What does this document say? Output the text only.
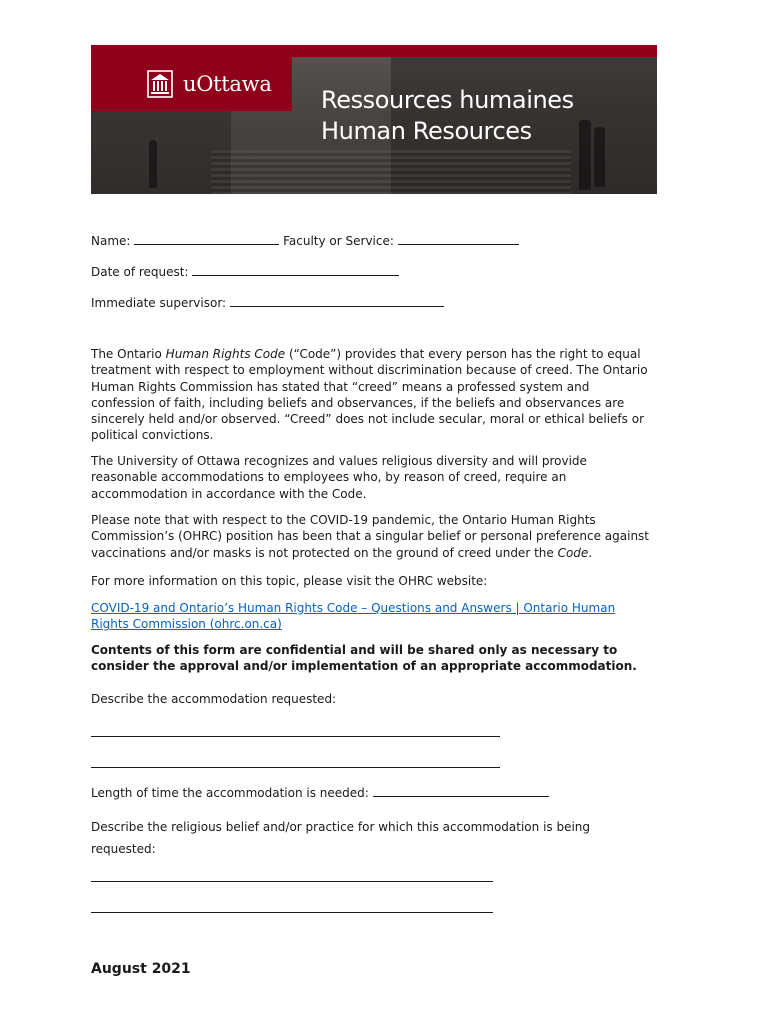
uOttawa
Ressources humaines
Human Resources
Name:	Faculty or Service:
Date of request:
Immediate supervisor:
The Ontario Human Rights Code (“Code”) provides that every person has the right to equal
treatment with respect to employment without discrimination because of creed. The Ontario
Human Rights Commission has stated that “creed” means a professed system and
confession of faith, including beliefs and observances, if the beliefs and observances are
sincerely held and/or observed. “Creed” does not include secular, moral or ethical beliefs or
political convictions.
The University of Ottawa recognizes and values religious diversity and will provide
reasonable accommodations to employees who, by reason of creed, require an
accommodation in accordance with the Code.
Please note that with respect to the COVID-19 pandemic, the Ontario Human Rights
Commission’s (OHRC) position has been that a singular belief or personal preference against
vaccinations and/or masks is not protected on the ground of creed under the Code.
For more information on this topic, please visit the OHRC website:
COVID-19 and Ontario’s Human Rights Code – Questions and Answers | Ontario Human
Rights Commission (ohrc.on.ca)
Contents of this form are confidential and will be shared only as necessary to
consider the approval and/or implementation of an appropriate accommodation.
Describe the accommodation requested:
Length of time the accommodation is needed:
Describe the religious belief and/or practice for which this accommodation is being
requested:
August 2021
